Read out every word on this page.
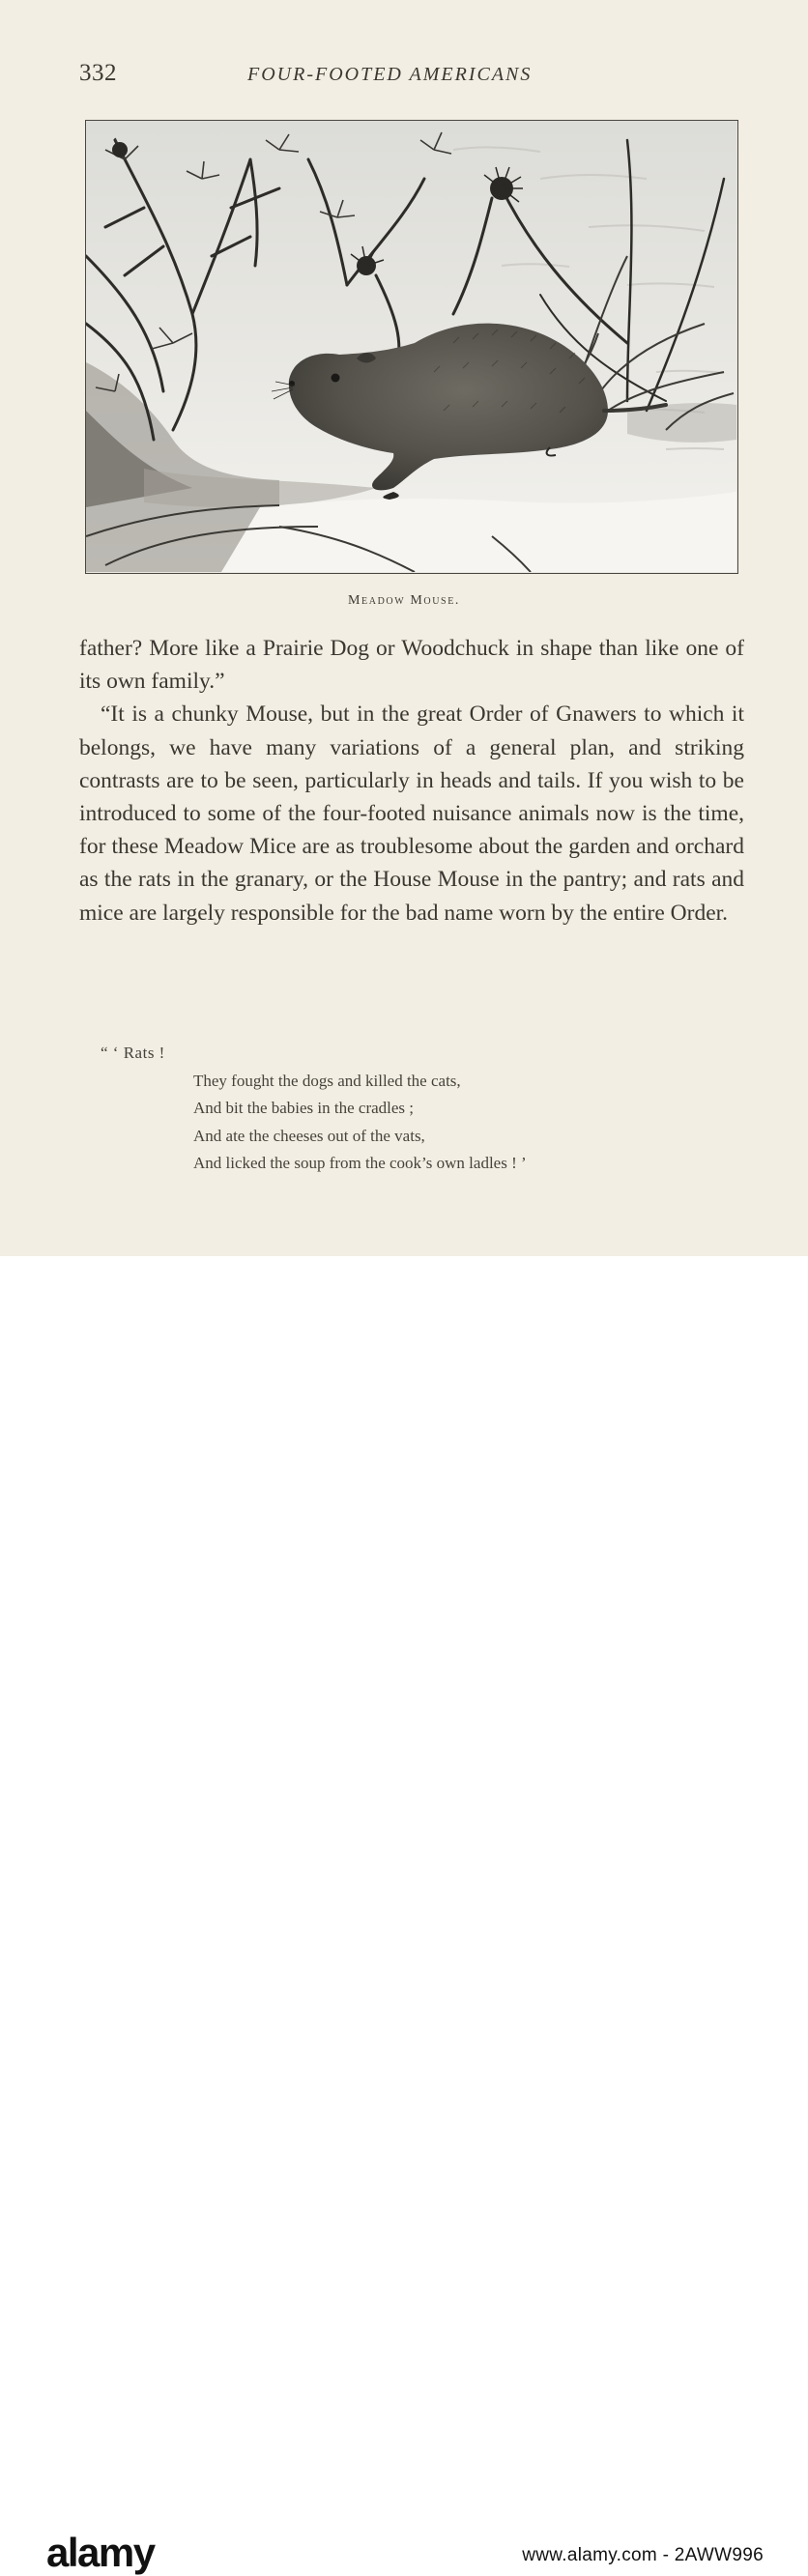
332	FOUR-FOOTED AMERICANS
Meadow Mouse.

father? More like a Prairie Dog or Woodchuck in shape than like one of its own family.”

“It is a chunky Mouse, but in the great Order of Gnawers to which it belongs, we have many variations of a general plan, and striking contrasts are to be seen, particularly in heads and tails. If you wish to be introduced to some of the four-footed nuisance animals now is the time, for these Meadow Mice are as troublesome about the garden and orchard as the rats in the granary, or the House Mouse in the pantry; and rats and mice are largely responsible for the bad name worn by the entire Order.

“ ‘ Rats !
They fought the dogs and killed the cats,
And bit the babies in the cradles ;
And ate the cheeses out of the vats,
And licked the soup from the cook’s own ladles ! ’
alamy	www.alamy.com - 2AWW996
